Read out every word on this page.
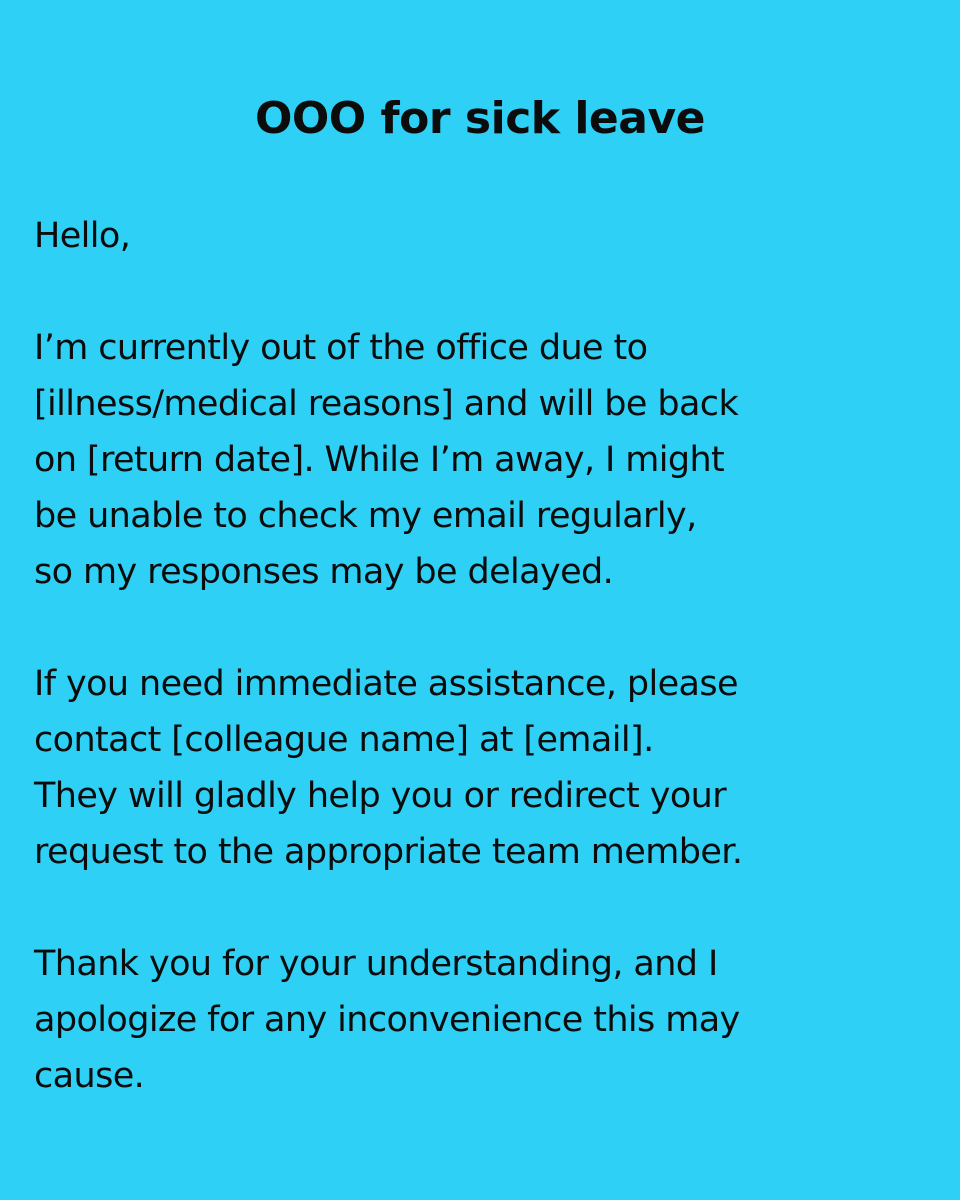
OOO for sick leave

Hello,

I’m currently out of the office due to
[illness/medical reasons] and will be back
on [return date]. While I’m away, I might
be unable to check my email regularly,
so my responses may be delayed.

If you need immediate assistance, please
contact [colleague name] at [email].
They will gladly help you or redirect your
request to the appropriate team member.

Thank you for your understanding, and I
apologize for any inconvenience this may
cause.
